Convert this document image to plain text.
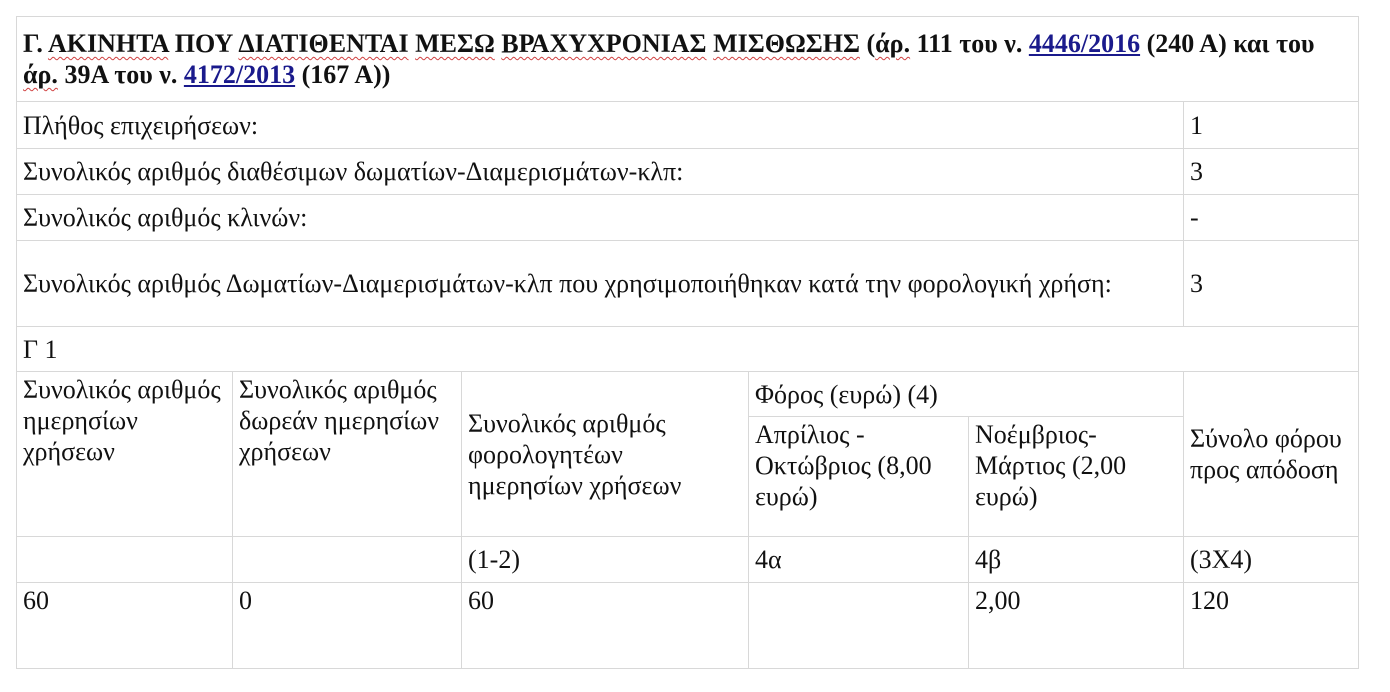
Γ. ΑΚΙΝΗΤΑ ΠΟΥ ΔΙΑΤΙΘΕΝΤΑΙ ΜΕΣΩ ΒΡΑΧΥΧΡΟΝΙΑΣ ΜΙΣΘΩΣΗΣ (άρ. 111 του ν. 4446/2016 (240 Α) και του άρ. 39Α του ν. 4172/2013 (167 Α))					
Πλήθος επιχειρήσεων:					1
Συνολικός αριθμός διαθέσιμων δωματίων-Διαμερισμάτων-κλπ:					3
Συνολικός αριθμός κλινών:					-
Συνολικός αριθμός Δωματίων-Διαμερισμάτων-κλπ που χρησιμοποιήθηκαν κατά την φορολογική χρήση:					3
Γ 1					
Συνολικός αριθμός ημερησίων χρήσεων	Συνολικός αριθμός δωρεάν ημερησίων χρήσεων	Συνολικός αριθμός φορολογητέων ημερησίων χρήσεων	Φόρος (ευρώ) (4)		Σύνολο φόρου προς απόδοση
			Απρίλιος - Οκτώβριος (8,00 ευρώ)	Νοέμβριος-Μάρτιος (2,00 ευρώ)	
		(1-2)	4α	4β	(3Χ4)
60	0	60		2,00	120
